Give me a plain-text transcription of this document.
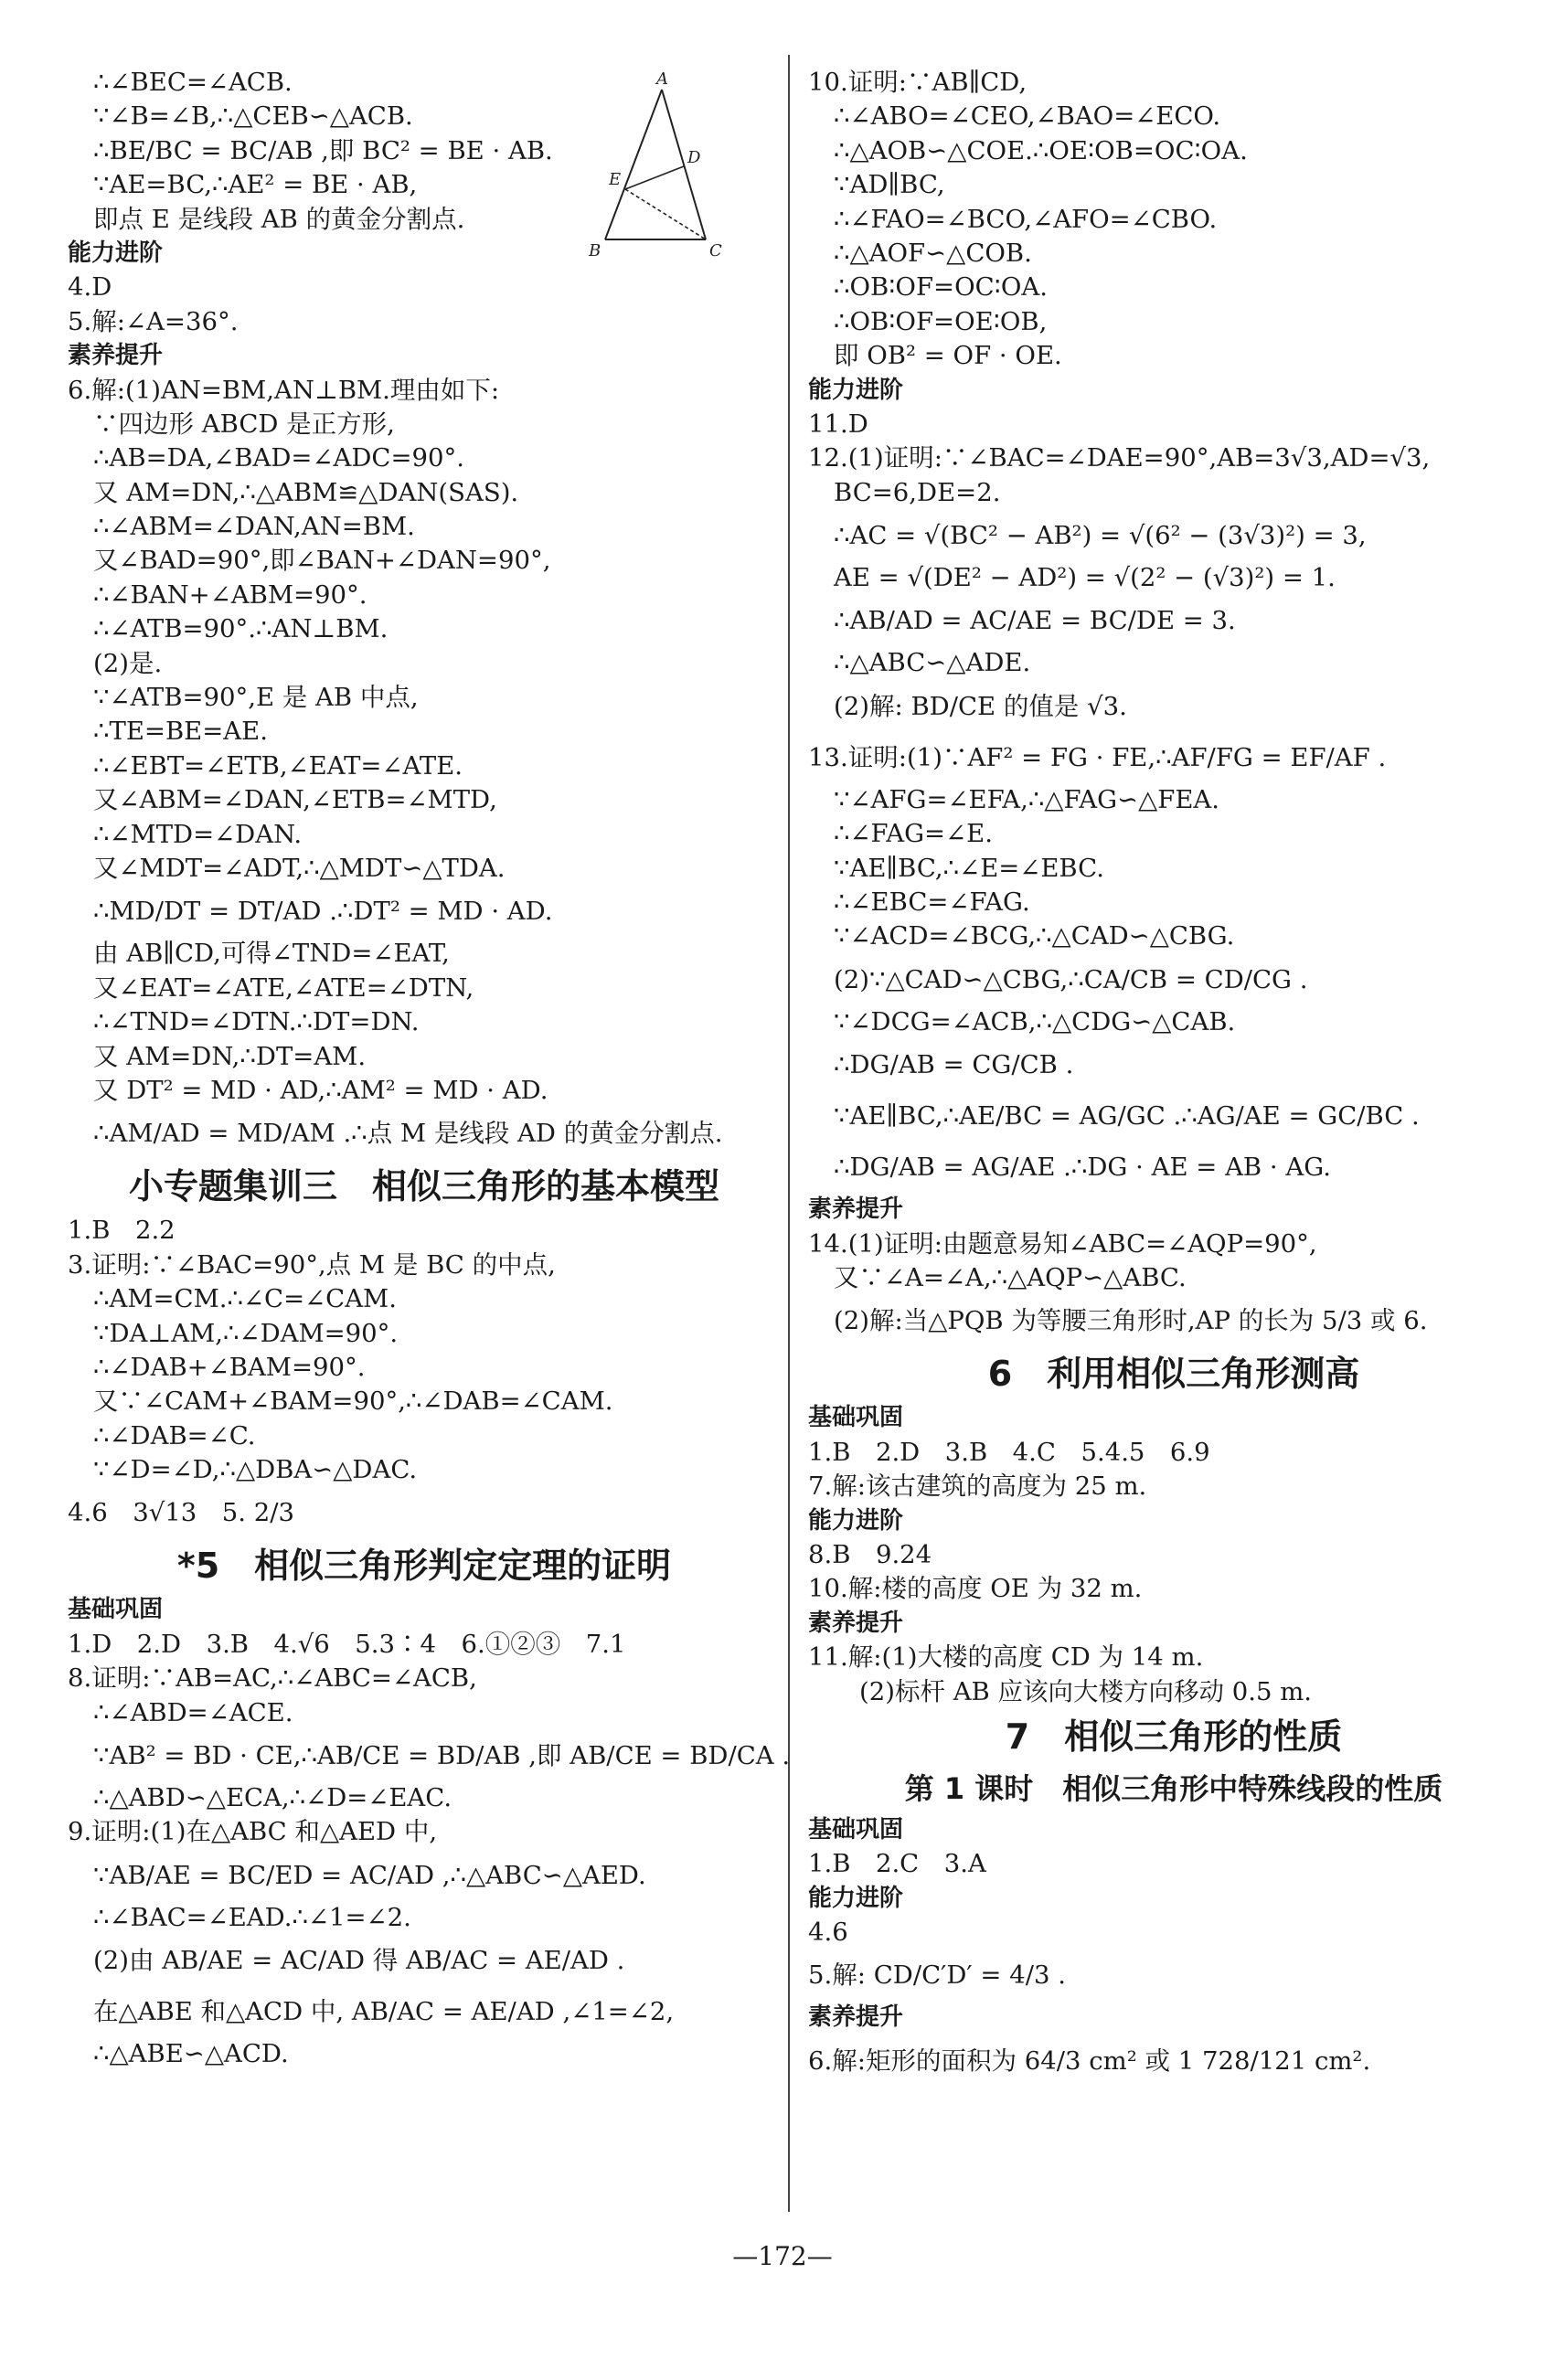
∴∠BEC=∠ACB.
∵∠B=∠B,∴△CEB∽△ACB.
∴BE/BC = BC/AB ,即 BC² = BE · AB.
∵AE=BC,∴AE² = BE · AB,
即点 E 是线段 AB 的黄金分割点.
能力进阶
4.D
5.解:∠A=36°.
素养提升
6.解:(1)AN=BM,AN⊥BM.理由如下:
∵四边形 ABCD 是正方形,
∴AB=DA,∠BAD=∠ADC=90°.
又 AM=DN,∴△ABM≌△DAN(SAS).
∴∠ABM=∠DAN,AN=BM.
又∠BAD=90°,即∠BAN+∠DAN=90°,
∴∠BAN+∠ABM=90°.
∴∠ATB=90°.∴AN⊥BM.
(2)是.
∵∠ATB=90°,E 是 AB 中点,
∴TE=BE=AE.
∴∠EBT=∠ETB,∠EAT=∠ATE.
又∠ABM=∠DAN,∠ETB=∠MTD,
∴∠MTD=∠DAN.
又∠MDT=∠ADT,∴△MDT∽△TDA.
∴MD/DT = DT/AD .∴DT² = MD · AD.
由 AB∥CD,可得∠TND=∠EAT,
又∠EAT=∠ATE,∠ATE=∠DTN,
∴∠TND=∠DTN.∴DT=DN.
又 AM=DN,∴DT=AM.
又 DT² = MD · AD,∴AM² = MD · AD.
∴AM/AD = MD/AM .∴点 M 是线段 AD 的黄金分割点.
小专题集训三　相似三角形的基本模型
1.B　2.2
3.证明:∵∠BAC=90°,点 M 是 BC 的中点,
∴AM=CM.∴∠C=∠CAM.
∵DA⊥AM,∴∠DAM=90°.
∴∠DAB+∠BAM=90°.
又∵∠CAM+∠BAM=90°,∴∠DAB=∠CAM.
∴∠DAB=∠C.
∵∠D=∠D,∴△DBA∽△DAC.
4.6　3√13　5. 2/3
*5　相似三角形判定定理的证明
基础巩固
1.D　2.D　3.B　4.√6　5.3∶4　6.①②③　7.1
8.证明:∵AB=AC,∴∠ABC=∠ACB,
∴∠ABD=∠ACE.
∵AB² = BD · CE,∴AB/CE = BD/AB ,即 AB/CE = BD/CA .
∴△ABD∽△ECA,∴∠D=∠EAC.
9.证明:(1)在△ABC 和△AED 中,
∵AB/AE = BC/ED = AC/AD ,∴△ABC∽△AED.
∴∠BAC=∠EAD.∴∠1=∠2.
(2)由 AB/AE = AC/AD 得 AB/AC = AE/AD .
在△ABE 和△ACD 中, AB/AC = AE/AD ,∠1=∠2,
∴△ABE∽△ACD.
10.证明:∵AB∥CD,
∴∠ABO=∠CEO,∠BAO=∠ECO.
∴△AOB∽△COE.∴OE∶OB=OC∶OA.
∵AD∥BC,
∴∠FAO=∠BCO,∠AFO=∠CBO.
∴△AOF∽△COB.
∴OB∶OF=OC∶OA.
∴OB∶OF=OE∶OB,
即 OB² = OF · OE.
能力进阶
11.D
12.(1)证明:∵∠BAC=∠DAE=90°,AB=3√3,AD=√3,
BC=6,DE=2.
∴AC = √(BC² − AB²) = √(6² − (3√3)²) = 3,
AE = √(DE² − AD²) = √(2² − (√3)²) = 1.
∴AB/AD = AC/AE = BC/DE = 3.
∴△ABC∽△ADE.
(2)解: BD/CE 的值是 √3.
13.证明:(1)∵AF² = FG · FE,∴AF/FG = EF/AF .
∵∠AFG=∠EFA,∴△FAG∽△FEA.
∴∠FAG=∠E.
∵AE∥BC,∴∠E=∠EBC.
∴∠EBC=∠FAG.
∵∠ACD=∠BCG,∴△CAD∽△CBG.
(2)∵△CAD∽△CBG,∴CA/CB = CD/CG .
∵∠DCG=∠ACB,∴△CDG∽△CAB.
∴DG/AB = CG/CB .
∵AE∥BC,∴AE/BC = AG/GC .∴AG/AE = GC/BC .
∴DG/AB = AG/AE .∴DG · AE = AB · AG.
素养提升
14.(1)证明:由题意易知∠ABC=∠AQP=90°,
又∵∠A=∠A,∴△AQP∽△ABC.
(2)解:当△PQB 为等腰三角形时,AP 的长为 5/3 或 6.
6　利用相似三角形测高
基础巩固
1.B　2.D　3.B　4.C　5.4.5　6.9
7.解:该古建筑的高度为 25 m.
能力进阶
8.B　9.24
10.解:楼的高度 OE 为 32 m.
素养提升
11.解:(1)大楼的高度 CD 为 14 m.
(2)标杆 AB 应该向大楼方向移动 0.5 m.
7　相似三角形的性质
第 1 课时　相似三角形中特殊线段的性质
基础巩固
1.B　2.C　3.A
能力进阶
4.6
5.解: CD/C′D′ = 4/3 .
素养提升
6.解:矩形的面积为 64/3 cm² 或 1 728/121 cm².
A
B	C
D
E
—172—
